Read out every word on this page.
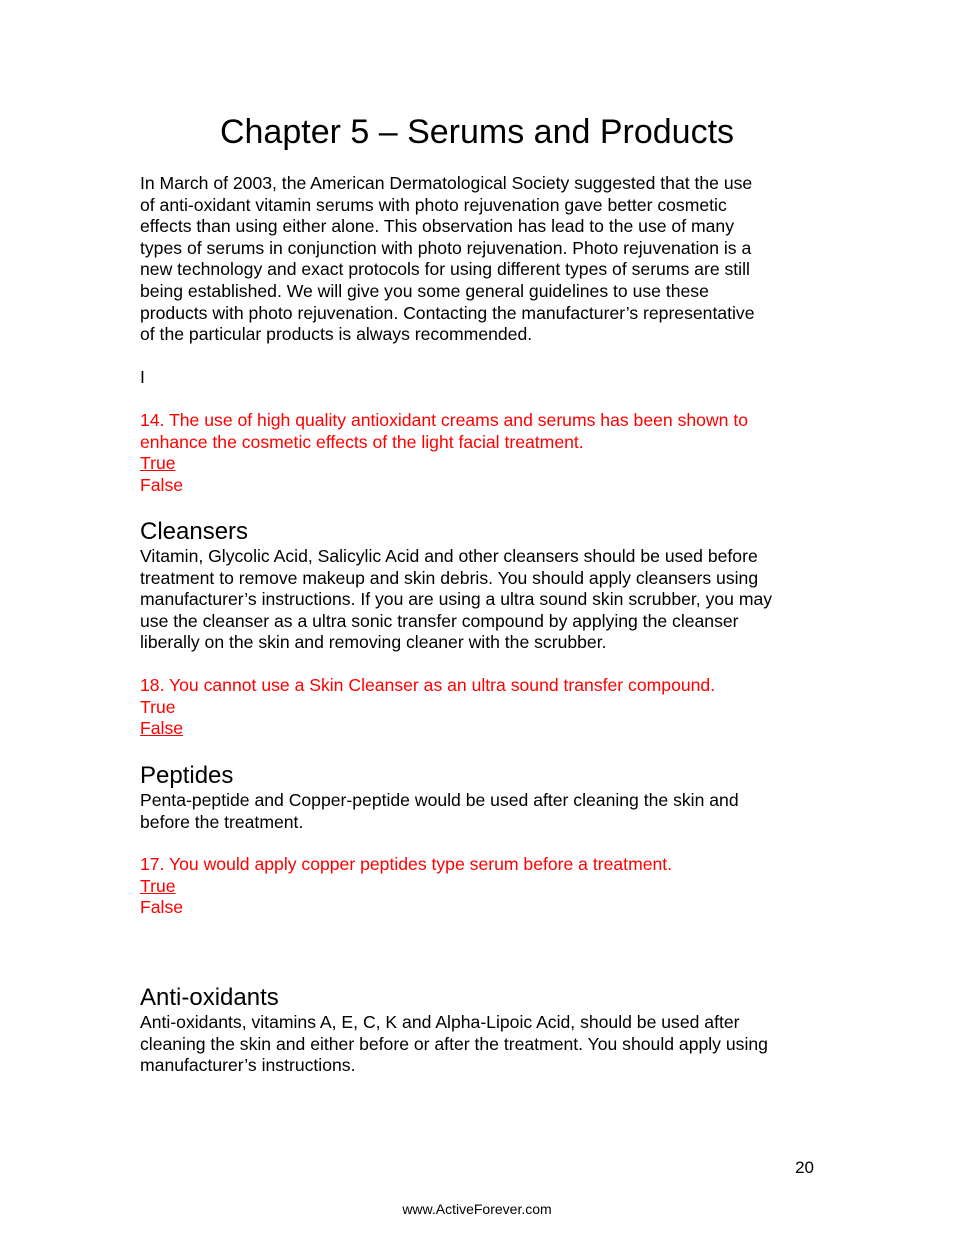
Chapter 5 – Serums and Products
In March of 2003, the American Dermatological Society suggested that the use
of anti-oxidant vitamin serums with photo rejuvenation gave better cosmetic
effects than using either alone. This observation has lead to the use of many
types of serums in conjunction with photo rejuvenation. Photo rejuvenation is a
new technology and exact protocols for using different types of serums are still
being established. We will give you some general guidelines to use these
products with photo rejuvenation. Contacting the manufacturer’s representative
of the particular products is always recommended.
I
14. The use of high quality antioxidant creams and serums has been shown to
enhance the cosmetic effects of the light facial treatment.
True
False
Cleansers
Vitamin, Glycolic Acid, Salicylic Acid and other cleansers should be used before
treatment to remove makeup and skin debris. You should apply cleansers using
manufacturer’s instructions. If you are using a ultra sound skin scrubber, you may
use the cleanser as a ultra sonic transfer compound by applying the cleanser
liberally on the skin and removing cleaner with the scrubber.
18. You cannot use a Skin Cleanser as an ultra sound transfer compound.
True
False
Peptides
Penta-peptide and Copper-peptide would be used after cleaning the skin and
before the treatment.
17. You would apply copper peptides type serum before a treatment.
True
False
Anti-oxidants
Anti-oxidants, vitamins A, E, C, K and Alpha-Lipoic Acid, should be used after
cleaning the skin and either before or after the treatment. You should apply using
manufacturer’s instructions.
20
www.ActiveForever.com
